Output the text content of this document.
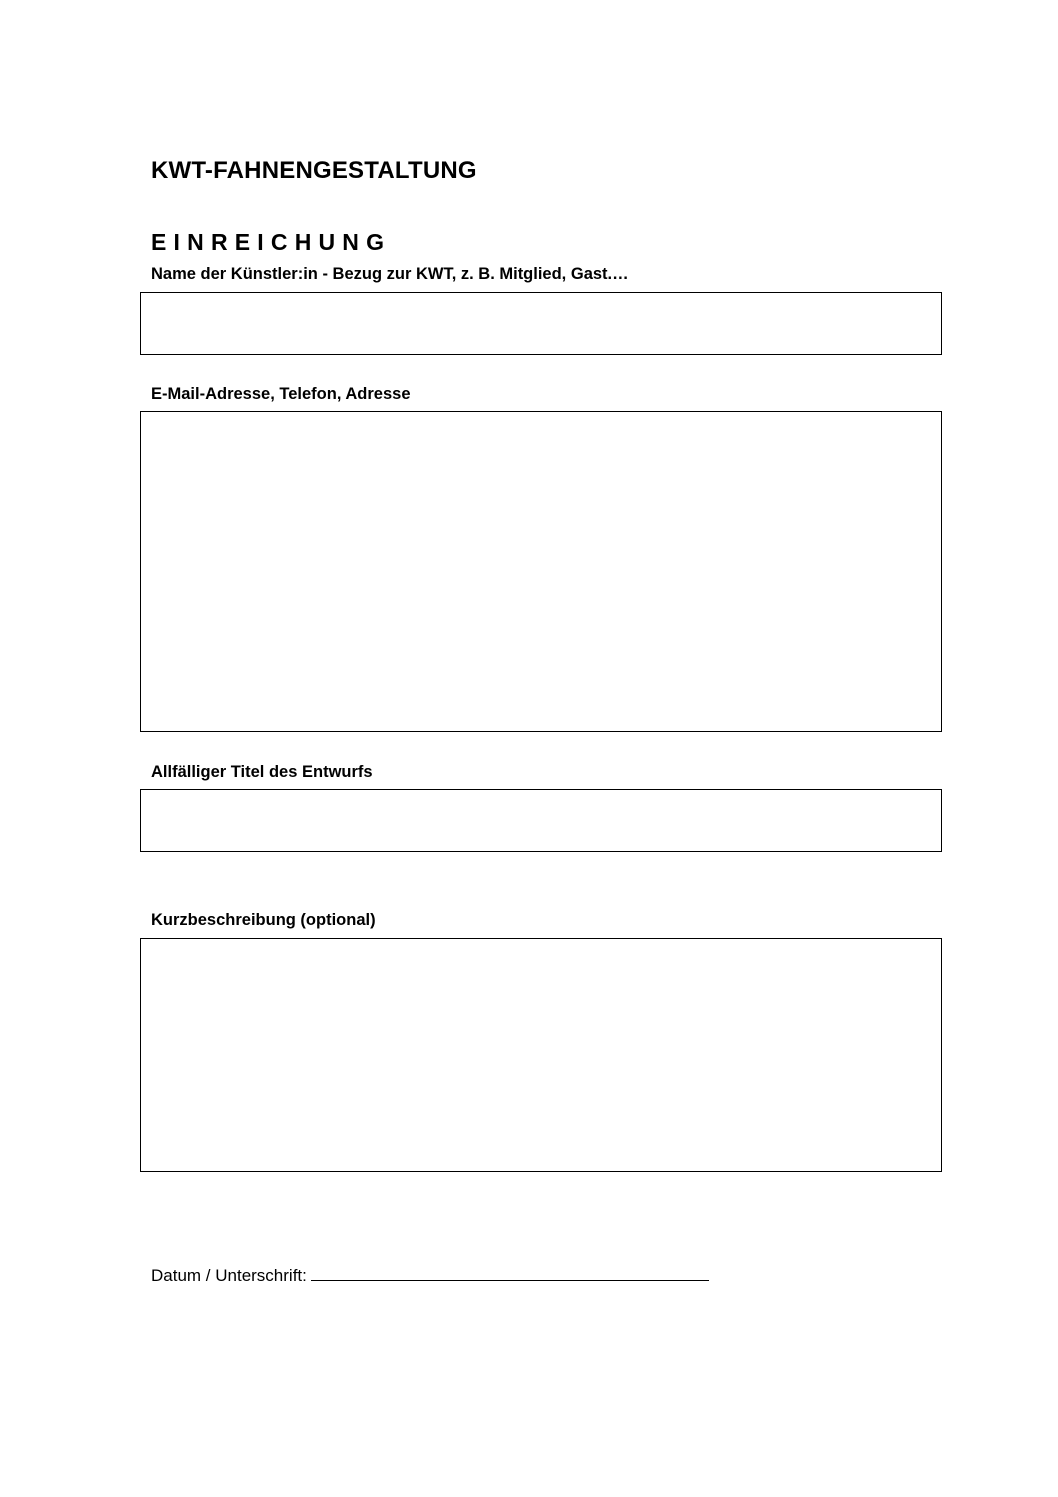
KWT-FAHNENGESTALTUNG
EINREICHUNG
Name der Künstler:in - Bezug zur KWT, z. B. Mitglied, Gast.…
E-Mail-Adresse, Telefon, Adresse
Allfälliger Titel des Entwurfs
Kurzbeschreibung (optional)
Datum / Unterschrift:
